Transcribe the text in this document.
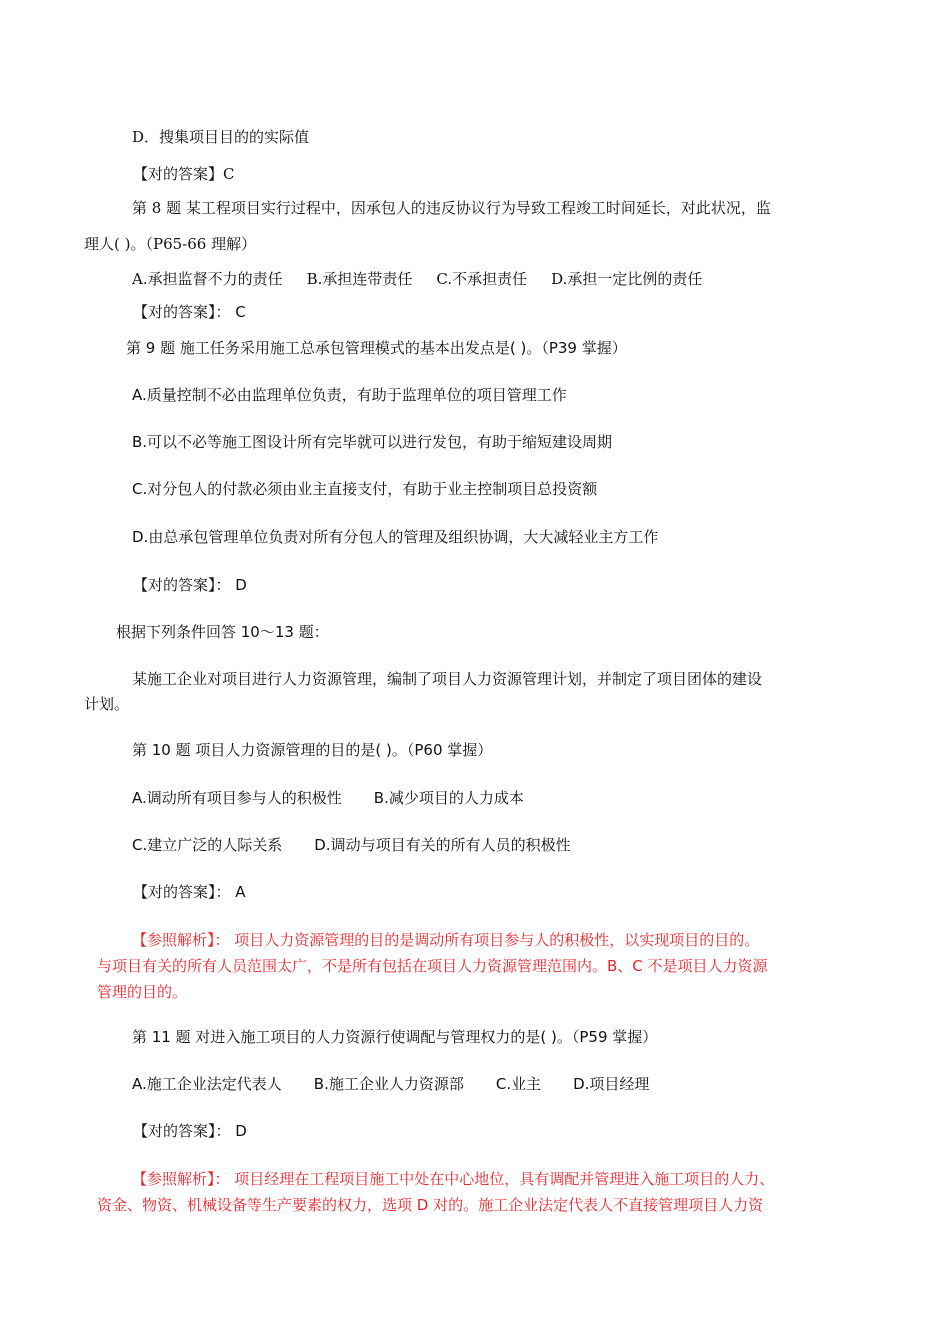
D．搜集项目目的的实际值
【对的答案】C
第 8 题 某工程项目实行过程中，因承包人的违反协议行为导致工程竣工时间延长，对此状况，监
理人( )。（P65-66 理解）
A.承担监督不力的责任 B.承担连带责任 C.不承担责任 D.承担一定比例的责任
【对的答案】： C
第 9 题 施工任务采用施工总承包管理模式的基本出发点是( )。（P39 掌握）
A.质量控制不必由监理单位负责，有助于监理单位的项目管理工作
B.可以不必等施工图设计所有完毕就可以进行发包，有助于缩短建设周期
C.对分包人的付款必须由业主直接支付，有助于业主控制项目总投资额
D.由总承包管理单位负责对所有分包人的管理及组织协调，大大减轻业主方工作
【对的答案】： D
根据下列条件回答 10～13 题：
某施工企业对项目进行人力资源管理，编制了项目人力资源管理计划，并制定了项目团体的建设
计划。
第 10 题 项目人力资源管理的目的是( )。（P60 掌握）
A.调动所有项目参与人的积极性 B.减少项目的人力成本
C.建立广泛的人际关系 D.调动与项目有关的所有人员的积极性
【对的答案】： A
【参照解析】： 项目人力资源管理的目的是调动所有项目参与人的积极性，以实现项目的目的。
与项目有关的所有人员范围太广，不是所有包括在项目人力资源管理范围内。B、C 不是项目人力资源
管理的目的。
第 11 题 对进入施工项目的人力资源行使调配与管理权力的是( )。（P59 掌握）
A.施工企业法定代表人 B.施工企业人力资源部 C.业主 D.项目经理
【对的答案】： D
【参照解析】： 项目经理在工程项目施工中处在中心地位，具有调配并管理进入施工项目的人力、
资金、物资、机械设备等生产要素的权力，选项 D 对的。施工企业法定代表人不直接管理项目人力资
